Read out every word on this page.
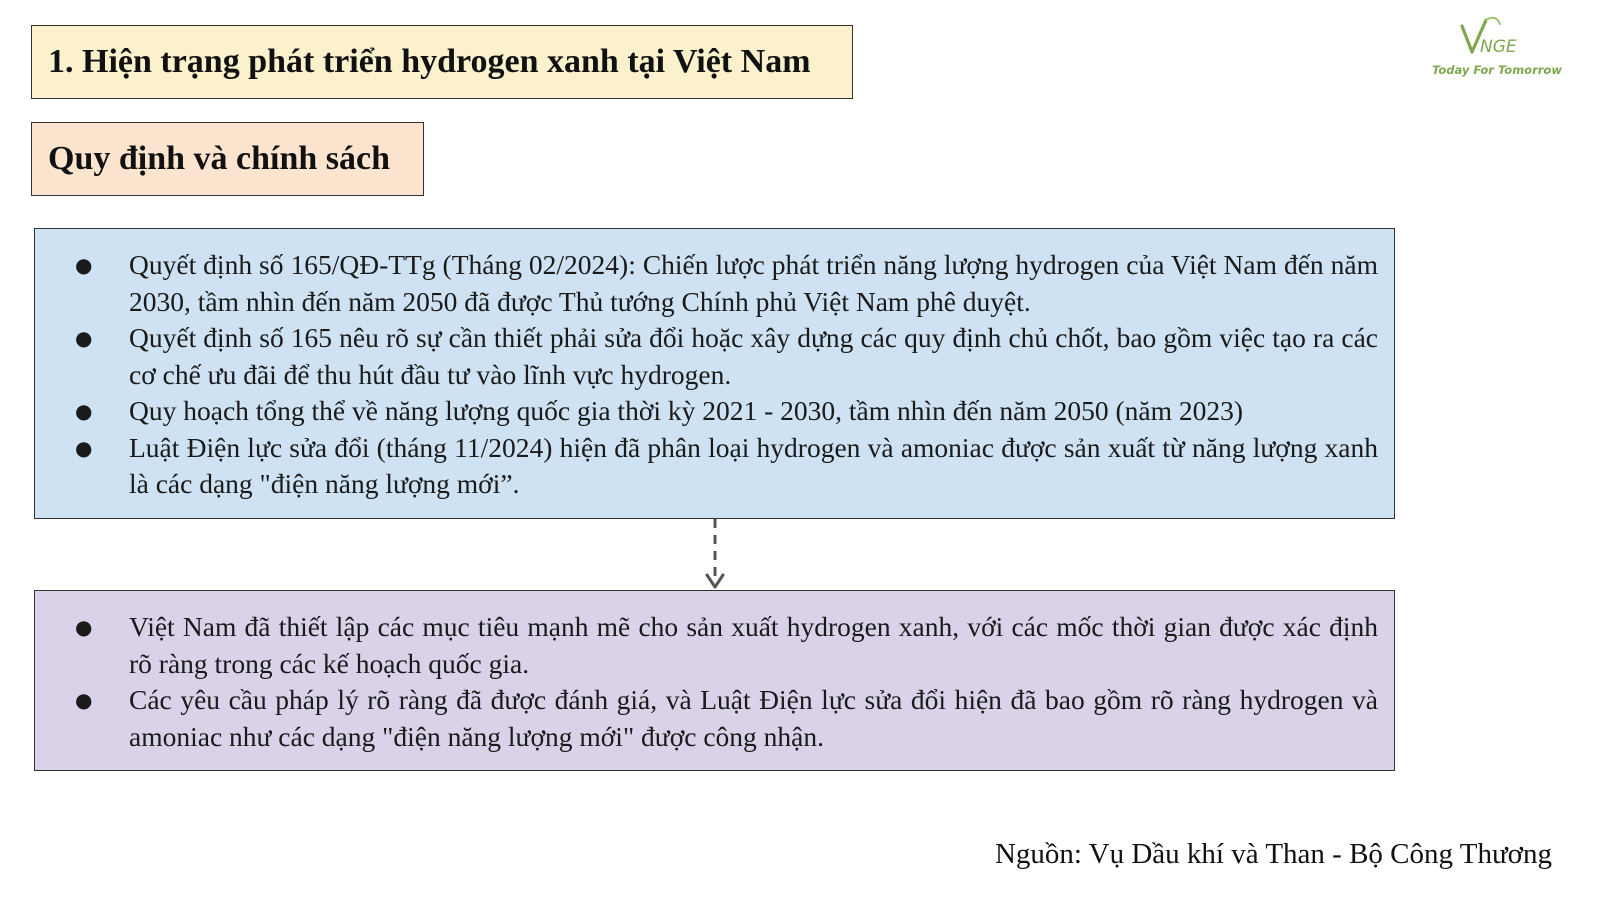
1. Hiện trạng phát triển hydrogen xanh tại Việt Nam
Quy định và chính sách
NGE
Today For Tomorrow
● Quyết định số 165/QĐ-TTg (Tháng 02/2024): Chiến lược phát triển năng lượng hydrogen của Việt Nam đến năm 2030, tầm nhìn đến năm 2050 đã được Thủ tướng Chính phủ Việt Nam phê duyệt.
● Quyết định số 165 nêu rõ sự cần thiết phải sửa đổi hoặc xây dựng các quy định chủ chốt, bao gồm việc tạo ra các cơ chế ưu đãi để thu hút đầu tư vào lĩnh vực hydrogen.
● Quy hoạch tổng thể về năng lượng quốc gia thời kỳ 2021 - 2030, tầm nhìn đến năm 2050 (năm 2023)
● Luật Điện lực sửa đổi (tháng 11/2024) hiện đã phân loại hydrogen và amoniac được sản xuất từ năng lượng xanh là các dạng "điện năng lượng mới”.
● Việt Nam đã thiết lập các mục tiêu mạnh mẽ cho sản xuất hydrogen xanh, với các mốc thời gian được xác định rõ ràng trong các kế hoạch quốc gia.
● Các yêu cầu pháp lý rõ ràng đã được đánh giá, và Luật Điện lực sửa đổi hiện đã bao gồm rõ ràng hydrogen và amoniac như các dạng "điện năng lượng mới" được công nhận.
Nguồn: Vụ Dầu khí và Than - Bộ Công Thương
